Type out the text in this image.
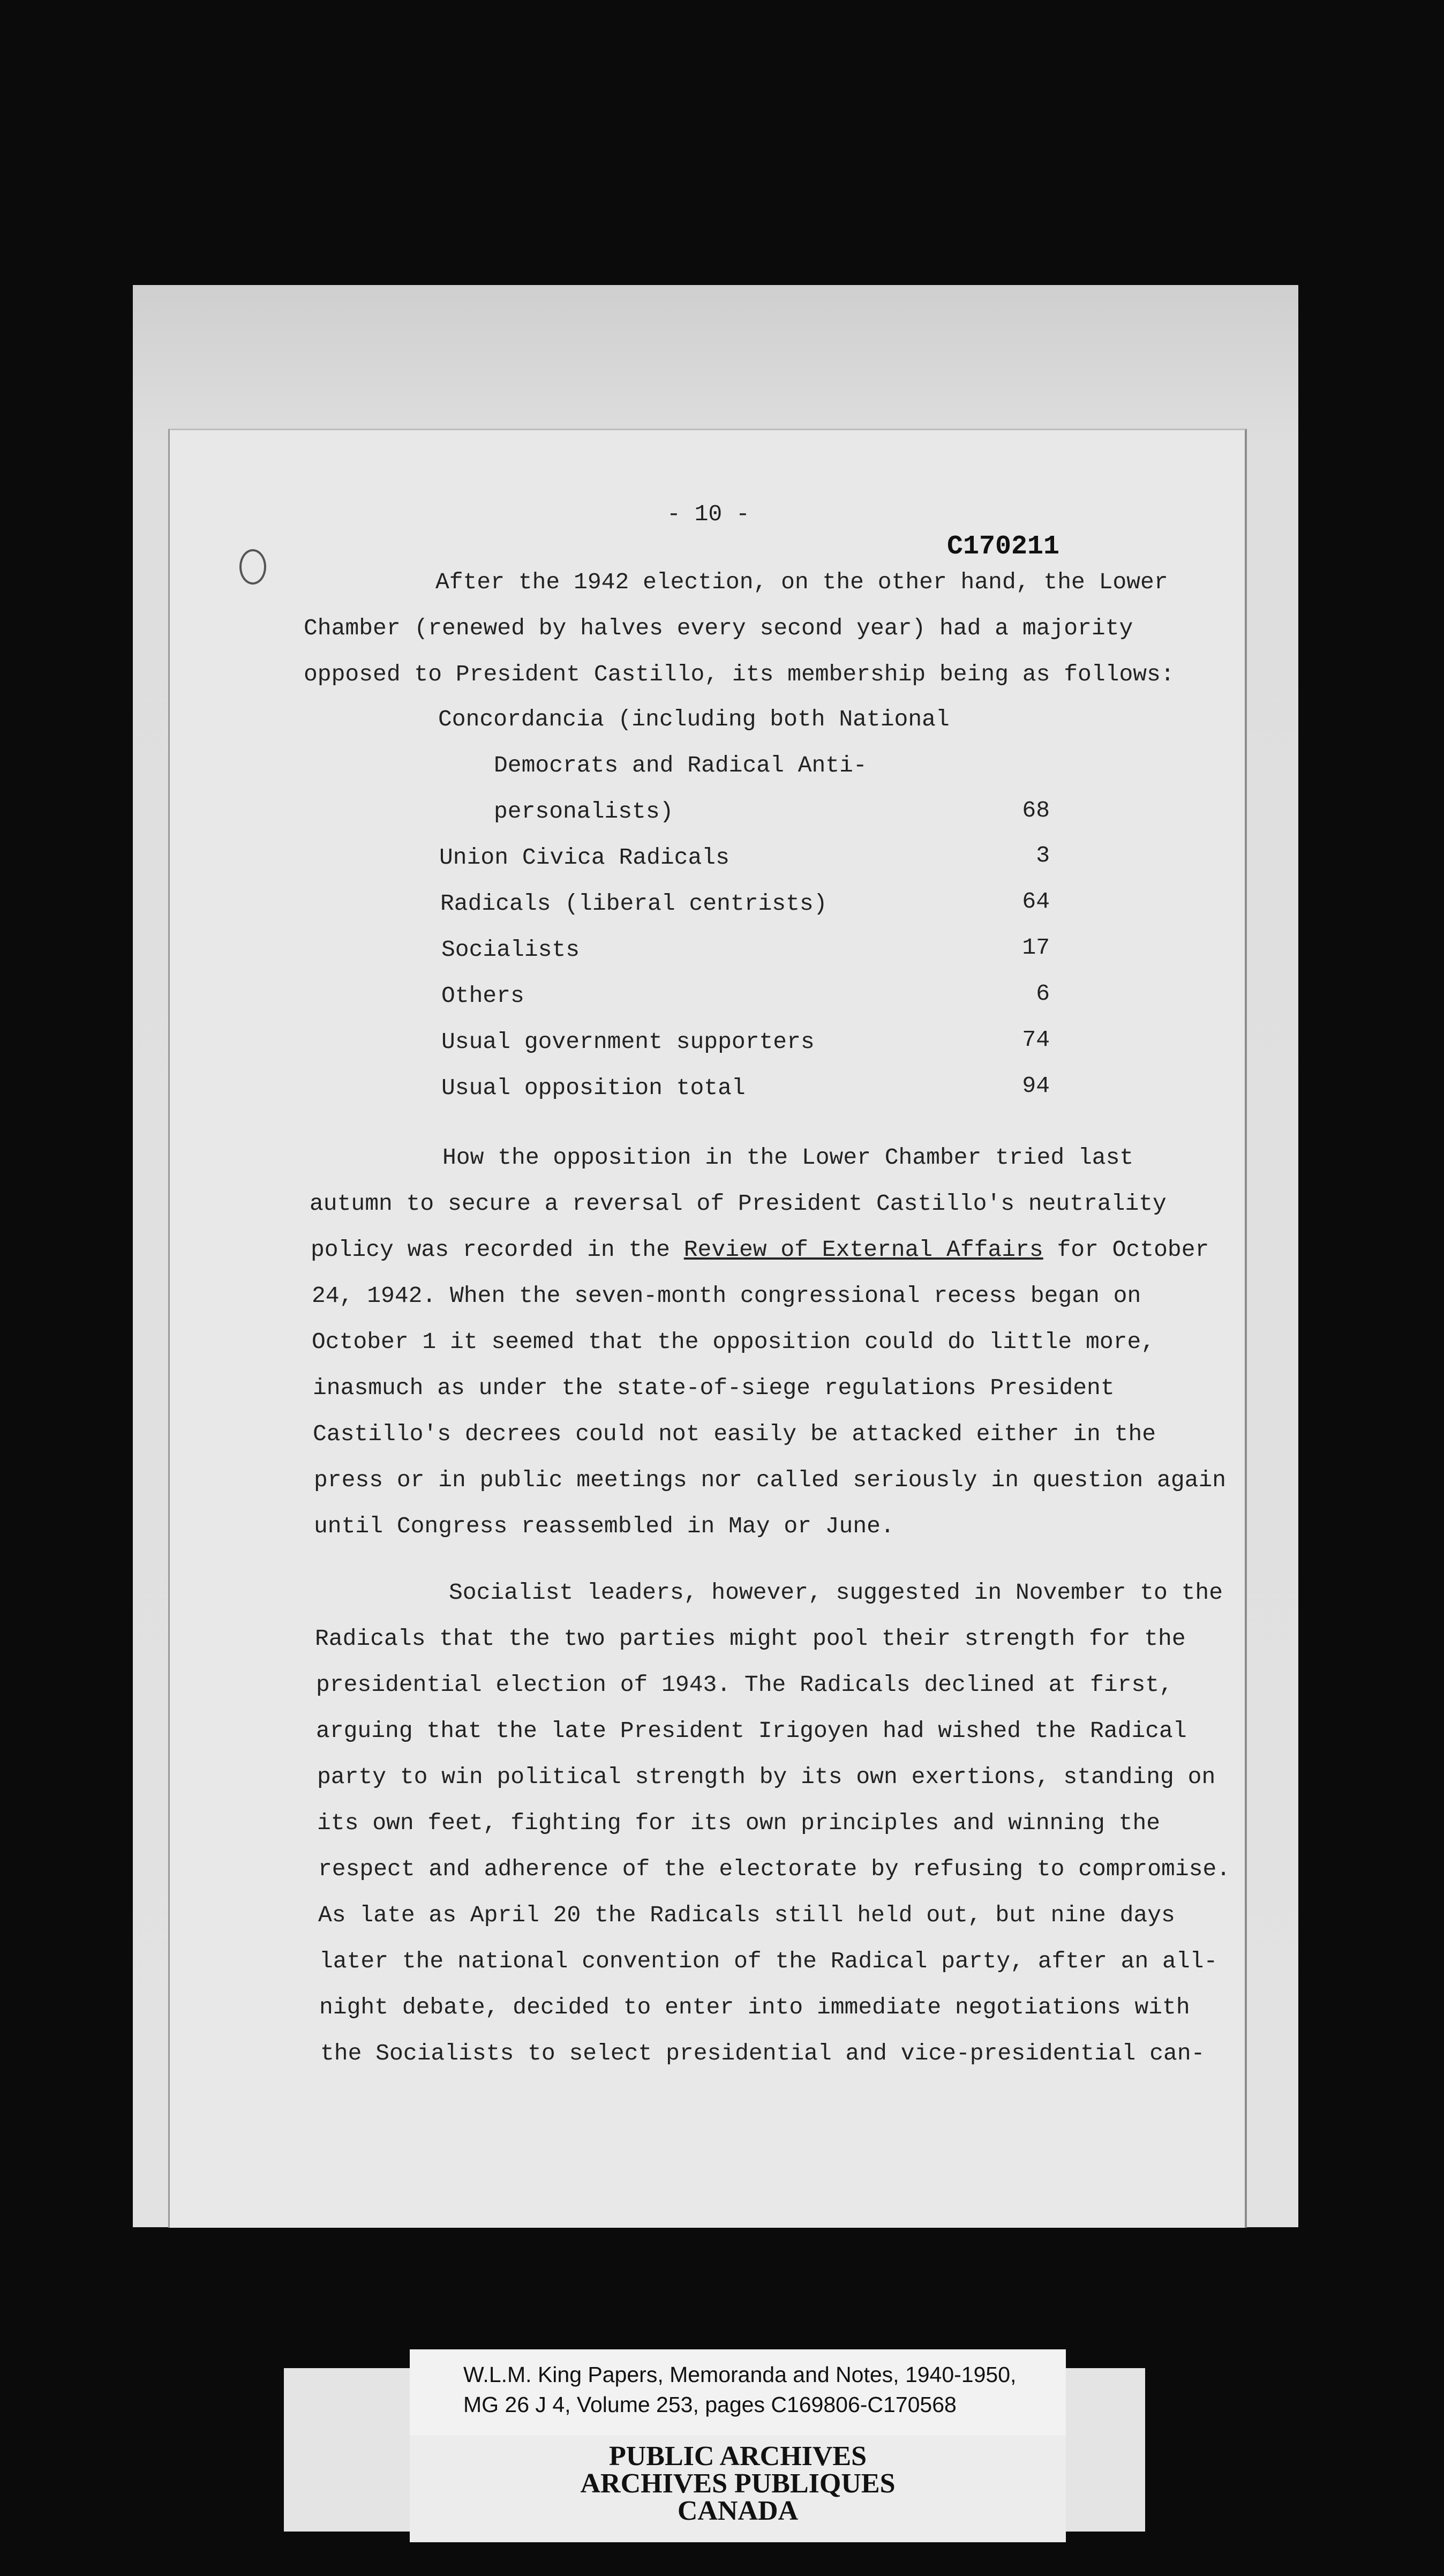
- 10 -
C170211
After the 1942 election, on the other hand, the Lower
Chamber (renewed by halves every second year) had a majority
opposed to President Castillo, its membership being as follows:
Concordancia (including both National
Democrats and Radical Anti-
personalists)	68
Union Civica Radicals	3
Radicals (liberal centrists)	64
Socialists	17
Others	6
Usual government supporters	74
Usual opposition total	94
How the opposition in the Lower Chamber tried last
autumn to secure a reversal of President Castillo's neutrality
policy was recorded in the Review of External Affairs for October
24, 1942. When the seven-month congressional recess began on
October 1 it seemed that the opposition could do little more,
inasmuch as under the state-of-siege regulations President
Castillo's decrees could not easily be attacked either in the
press or in public meetings nor called seriously in question again
until Congress reassembled in May or June.
Socialist leaders, however, suggested in November to the
Radicals that the two parties might pool their strength for the
presidential election of 1943. The Radicals declined at first,
arguing that the late President Irigoyen had wished the Radical
party to win political strength by its own exertions, standing on
its own feet, fighting for its own principles and winning the
respect and adherence of the electorate by refusing to compromise.
As late as April 20 the Radicals still held out, but nine days
later the national convention of the Radical party, after an all-
night debate, decided to enter into immediate negotiations with
the Socialists to select presidential and vice-presidential can-
W.L.M. King Papers, Memoranda and Notes, 1940-1950,
MG 26 J 4, Volume 253, pages C169806-C170568
PUBLIC ARCHIVES
ARCHIVES PUBLIQUES
CANADA
